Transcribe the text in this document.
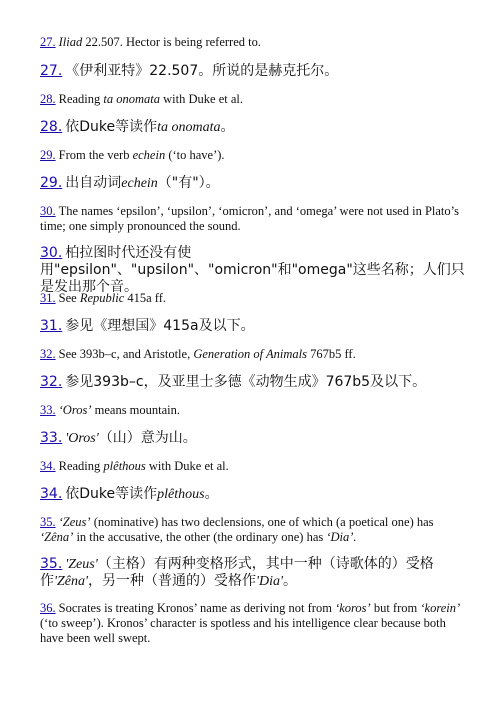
27. Iliad 22.507. Hector is being referred to.

27. 《伊利亚特》22.507。所说的是赫克托尔。

28. Reading ta onomata with Duke et al.

28. 依Duke等读作ta onomata。

29. From the verb echein (‘to have’).

29. 出自动词echein（"有"）。

30. The names ‘epsilon’, ‘upsilon’, ‘omicron’, and ‘omega’ were not used in Plato’s time; one simply pronounced the sound.

30. 柏拉图时代还没有使用"epsilon"、"upsilon"、"omicron"和"omega"这些名称；人们只是发出那个音。

31. See Republic 415a ff.

31. 参见《理想国》415a及以下。

32. See 393b–c, and Aristotle, Generation of Animals 767b5 ff.

32. 参见393b–c，及亚里士多德《动物生成》767b5及以下。

33. ‘Oros’ means mountain.

33. 'Oros'（山）意为山。

34. Reading plêthous with Duke et al.

34. 依Duke等读作plêthous。

35. ‘Zeus’ (nominative) has two declensions, one of which (a poetical one) has ‘Zêna’ in the accusative, the other (the ordinary one) has ‘Dia’.

35. 'Zeus'（主格）有两种变格形式，其中一种（诗歌体的）受格作'Zêna'，另一种（普通的）受格作'Dia'。

36. Socrates is treating Kronos’ name as deriving not from ‘koros’ but from ‘korein’ (‘to sweep’). Kronos’ character is spotless and his intelligence clear because both have been well swept.
